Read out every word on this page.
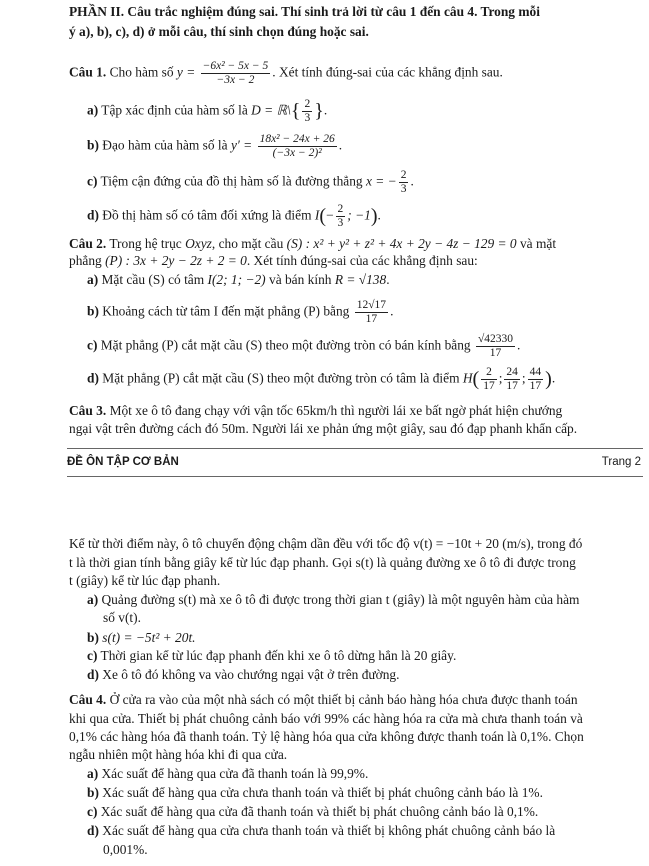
PHẦN II. Câu trắc nghiệm đúng sai. Thí sinh trả lời từ câu 1 đến câu 4. Trong mỗi
ý a), b), c), d) ở mỗi câu, thí sinh chọn đúng hoặc sai.
Câu 1. Cho hàm số $y = \frac{\text{−6x² − 5x − 5}}{-3x - 2}$ . Xét tính đúng-sai của các khẳng định sau.
a) Tập xác định của hàm số là D = ℝ\{ $\frac{2}{3}$ }.
b) Đạo hàm của hàm số là $y' = \frac{\text{18x² − 24x + 26}}{\text{(−3x − 2)²}}$ .
c) Tiệm cận đứng của đồ thị hàm số là đường thẳng x = − $\frac{2}{3}$ .
d) Đồ thị hàm số có tâm đối xứng là điểm $I(- \frac{2}{3}$ ; −1).
Câu 2. Trong hệ trục Oxyz, cho mặt cầu (S) : x² + y² + z² + 4x + 2y − 4z − 129 = 0 và mặt
phẳng (P) : 3x + 2y − 2z + 2 = 0. Xét tính đúng-sai của các khẳng định sau:
a) Mặt cầu (S) có tâm I(2; 1; −2) và bán kính R = √138.
b) Khoảng cách từ tâm I đến mặt phẳng (P) bằng $\frac{12√17}{17}$ .
c) Mặt phẳng (P) cắt mặt cầu (S) theo một đường tròn có bán kính bằng $\frac{√42330}{17}$ .
d) Mặt phẳng (P) cắt mặt cầu (S) theo một đường tròn có tâm là điểm $H( \frac{2}{17}$ ; $\frac{24}{17}$ ; $\frac{44}{17}$ ).
Câu 3. Một xe ô tô đang chạy với vận tốc 65km/h thì người lái xe bất ngờ phát hiện chướng
ngại vật trên đường cách đó 50m. Người lái xe phản ứng một giây, sau đó đạp phanh khẩn cấp.
ĐỀ ÔN TẬP CƠ BẢN	Trang 2
Kể từ thời điểm này, ô tô chuyển động chậm dần đều với tốc độ v(t) = −10t + 20 (m/s), trong đó
t là thời gian tính bằng giây kể từ lúc đạp phanh. Gọi s(t) là quảng đường xe ô tô đi được trong
t (giây) kể từ lúc đạp phanh.
a) Quảng đường s(t) mà xe ô tô đi được trong thời gian t (giây) là một nguyên hàm của hàm
số v(t).
b) s(t) = −5t² + 20t.
c) Thời gian kể từ lúc đạp phanh đến khi xe ô tô dừng hẳn là 20 giây.
d) Xe ô tô đó không va vào chướng ngại vật ở trên đường.
Câu 4. Ở cửa ra vào của một nhà sách có một thiết bị cảnh báo hàng hóa chưa được thanh toán
khi qua cửa. Thiết bị phát chuông cảnh báo với 99% các hàng hóa ra cửa mà chưa thanh toán và
0,1% các hàng hóa đã thanh toán. Tỷ lệ hàng hóa qua cửa không được thanh toán là 0,1%. Chọn
ngẫu nhiên một hàng hóa khi đi qua cửa.
a) Xác suất để hàng qua cửa đã thanh toán là 99,9%.
b) Xác suất để hàng qua cửa chưa thanh toán và thiết bị phát chuông cảnh báo là 1%.
c) Xác suất để hàng qua cửa đã thanh toán và thiết bị phát chuông cảnh báo là 0,1%.
d) Xác suất để hàng qua cửa chưa thanh toán và thiết bị không phát chuông cảnh báo là
0,001%.
